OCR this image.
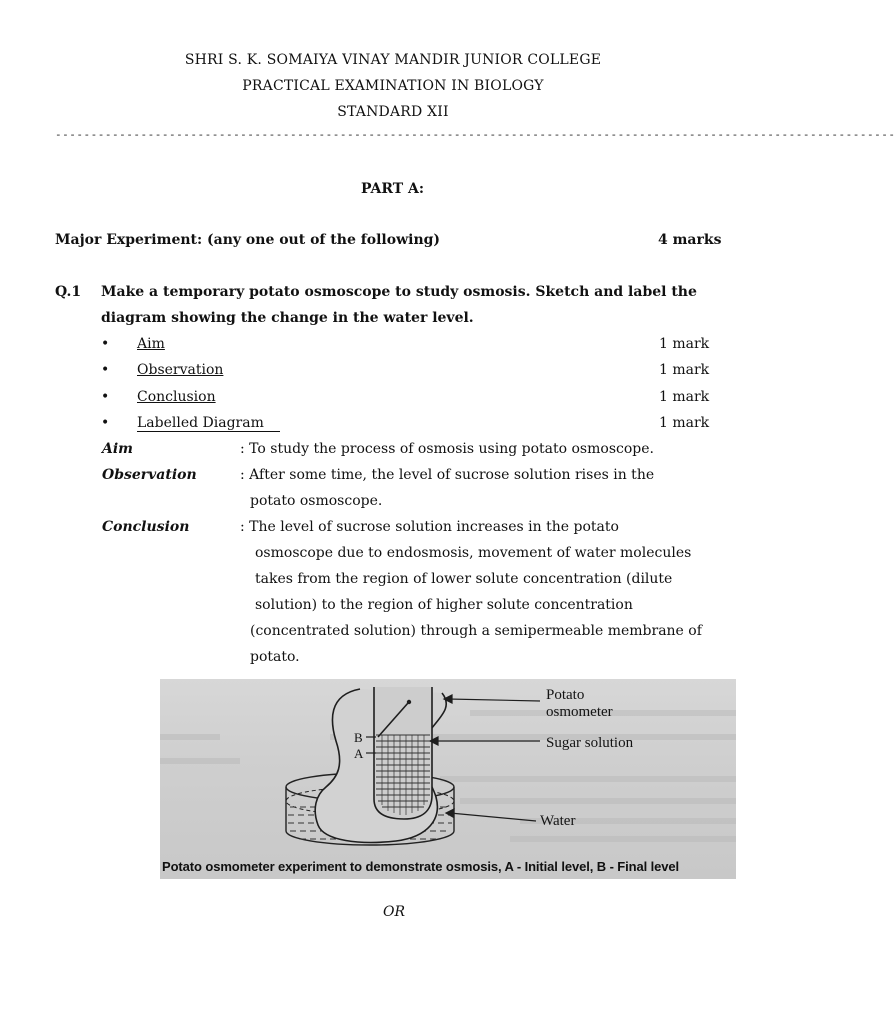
SHRI S. K. SOMAIYA VINAY MANDIR JUNIOR COLLEGE
PRACTICAL EXAMINATION IN BIOLOGY
STANDARD XII
----------------------------------------------------------------------------------------------------------------------
PART A:
Major Experiment: (any one out of the following)	4 marks
Q.1 Make a temporary potato osmoscope to study osmosis. Sketch and label the
diagram showing the change in the water level.
• Aim	1 mark
• Observation	1 mark
• Conclusion	1 mark
• Labelled Diagram	1 mark
Aim	: To study the process of osmosis using potato osmoscope.
Observation	: After some time, the level of sucrose solution rises in the
potato osmoscope.
Conclusion	: The level of sucrose solution increases in the potato
osmoscope due to endosmosis, movement of water molecules
takes from the region of lower solute concentration (dilute
solution) to the region of higher solute concentration
(concentrated solution) through a semipermeable membrane of
potato.
Potato
osmometer
Sugar solution
Water
B
A
Potato osmometer experiment to demonstrate osmosis, A - Initial level, B - Final level
OR
